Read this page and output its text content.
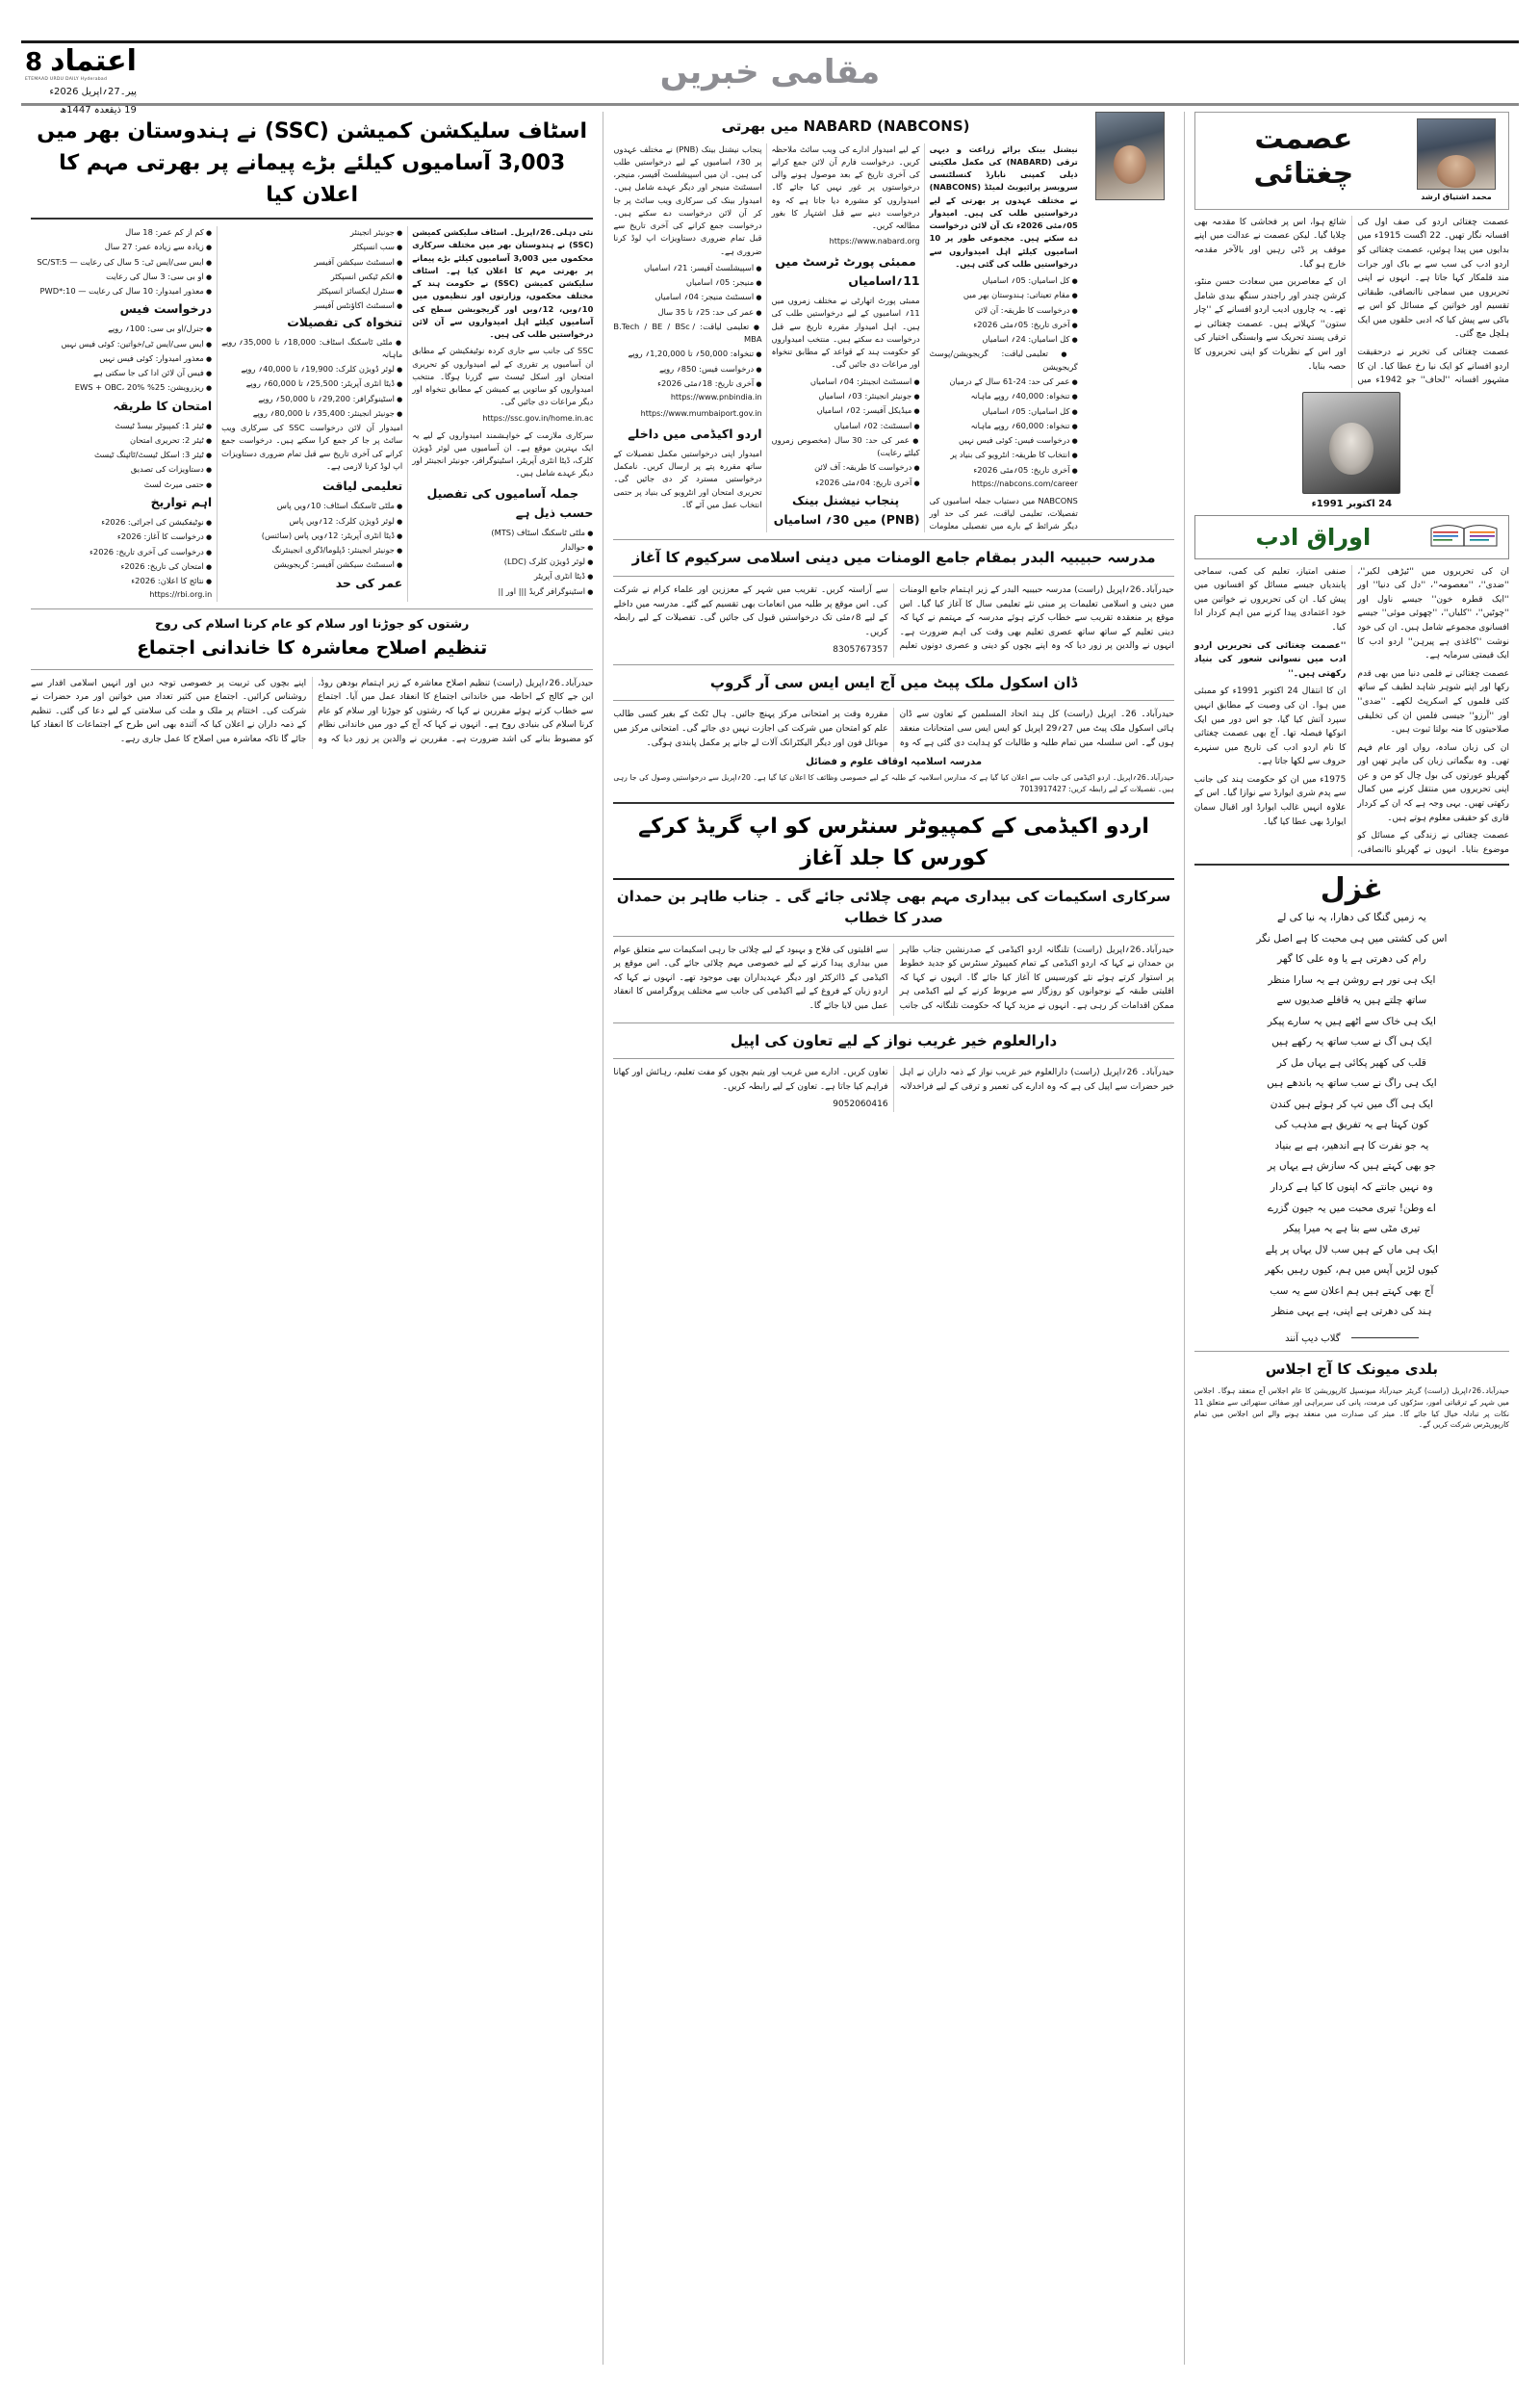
اعتماد
8
ETEMAAD URDU DAILY Hyderabad
پیر۔27؍اپریل 2026ء
19 ذیقعدہ 1447ھ
مقامی خبریں
اسٹاف سلیکشن کمیشن (SSC) نے ہندوستان بھر میں 3,003 آسامیوں کیلئے بڑے پیمانے پر بھرتی مہم کا اعلان کیا

نئی دہلی۔26؍اپریل۔ اسٹاف سلیکشن کمیشن (SSC) نے ہندوستان بھر میں مختلف سرکاری محکموں میں 3,003 آسامیوں کیلئے بڑے پیمانے پر بھرتی مہم کا اعلان کیا ہے۔ اسٹاف سلیکشن کمیشن (SSC) نے حکومت ہند کے مختلف محکموں، وزارتوں اور تنظیموں میں 10؍ویں، 12؍ویں اور گریجویشن سطح کی آسامیوں کیلئے اہل امیدواروں سے آن لائن درخواستیں طلب کی ہیں۔

SSC کی جانب سے جاری کردہ نوٹیفکیشن کے مطابق ان آسامیوں پر تقرری کے لیے امیدواروں کو تحریری امتحان اور اسکل ٹیسٹ سے گزرنا ہوگا۔ منتخب امیدواروں کو ساتویں پے کمیشن کے مطابق تنخواہ اور دیگر مراعات دی جائیں گی۔

https://ssc.gov.in/home.in.ac

سرکاری ملازمت کے خواہشمند امیدواروں کے لیے یہ ایک بہترین موقع ہے۔ ان آسامیوں میں لوئر ڈویژن کلرک، ڈیٹا انٹری آپریٹر، اسٹینوگرافر، جونیئر انجینئر اور دیگر عہدے شامل ہیں۔

جملہ آسامیوں کی تفصیل حسب ذیل ہے

● ملٹی ٹاسکنگ اسٹاف (MTS)
● حوالدار
● لوئر ڈویژن کلرک (LDC)
● ڈیٹا انٹری آپریٹر
● اسٹینوگرافر گریڈ ||| اور ||
● جونیئر انجینئر
● سب انسپکٹر
● اسسٹنٹ سیکشن آفیسر
● انکم ٹیکس انسپکٹر
● سنٹرل ایکسائز انسپکٹر
● اسسٹنٹ اکاؤنٹس آفیسر

تنخواہ کی تفصیلات

● ملٹی ٹاسکنگ اسٹاف: 18,000؍ تا 35,000؍ روپے ماہانہ
● لوئر ڈویژن کلرک: 19,900؍ تا 40,000؍ روپے
● ڈیٹا انٹری آپریٹر: 25,500؍ تا 60,000؍ روپے
● اسٹینوگرافر: 29,200؍ تا 50,000؍ روپے
● جونیئر انجینئر: 35,400؍ تا 80,000؍ روپے

امیدوار آن لائن درخواست SSC کی سرکاری ویب سائٹ پر جا کر جمع کرا سکتے ہیں۔ درخواست جمع کرانے کی آخری تاریخ سے قبل تمام ضروری دستاویزات اپ لوڈ کرنا لازمی ہے۔

تعلیمی لیاقت

● ملٹی ٹاسکنگ اسٹاف: 10؍ویں پاس
● لوئر ڈویژن کلرک: 12؍ویں پاس
● ڈیٹا انٹری آپریٹر: 12؍ویں پاس (سائنس)
● جونیئر انجینئر: ڈپلوما/ڈگری انجینئرنگ
● اسسٹنٹ سیکشن آفیسر: گریجویشن

عمر کی حد

● کم از کم عمر: 18 سال
● زیادہ سے زیادہ عمر: 27 سال
● ایس سی/ایس ٹی: 5 سال کی رعایت — SC/ST:5
● او بی سی: 3 سال کی رعایت
● معذور امیدوار: 10 سال کی رعایت — PWD*:10

درخواست فیس

● جنرل/او بی سی: 100؍ روپے
● ایس سی/ایس ٹی/خواتین: کوئی فیس نہیں
● معذور امیدوار: کوئی فیس نہیں
● فیس آن لائن ادا کی جا سکتی ہے
● ریزرویشن: 25% EWS + OBC، 20%

امتحان کا طریقہ

● ٹیئر 1: کمپیوٹر بیسڈ ٹیسٹ
● ٹیئر 2: تحریری امتحان
● ٹیئر 3: اسکل ٹیسٹ/ٹائپنگ ٹیسٹ
● دستاویزات کی تصدیق
● حتمی میرٹ لسٹ

اہم تواریخ

● نوٹیفکیشن کی اجرائی: 2026ء
● درخواست کا آغاز: 2026ء
● درخواست کی آخری تاریخ: 2026ء
● امتحان کی تاریخ: 2026ء
● نتائج کا اعلان: 2026ء

https://rbi.org.in

رشتوں کو جوڑنا اور سلام کو عام کرنا اسلام کی روح
تنظیم اصلاح معاشرہ کا خاندانی اجتماع

حیدرآباد۔26؍اپریل (راست) تنظیم اصلاح معاشرہ کے زیر اہتمام بودھن روڈ، این جے کالج کے احاطہ میں خاندانی اجتماع کا انعقاد عمل میں آیا۔ اجتماع سے خطاب کرتے ہوئے مقررین نے کہا کہ رشتوں کو جوڑنا اور سلام کو عام کرنا اسلام کی بنیادی روح ہے۔ انہوں نے کہا کہ آج کے دور میں خاندانی نظام کو مضبوط بنانے کی اشد ضرورت ہے۔ مقررین نے والدین پر زور دیا کہ وہ اپنے بچوں کی تربیت پر خصوصی توجہ دیں اور انہیں اسلامی اقدار سے روشناس کرائیں۔ اجتماع میں کثیر تعداد میں خواتین اور مرد حضرات نے شرکت کی۔ اختتام پر ملک و ملت کی سلامتی کے لیے دعا کی گئی۔ تنظیم کے ذمہ داران نے اعلان کیا کہ آئندہ بھی اس طرح کے اجتماعات کا انعقاد کیا جائے گا تاکہ معاشرہ میں اصلاح کا عمل جاری رہے۔

NABARD (NABCONS) میں بھرتی

نیشنل بینک برائے زراعت و دیہی ترقی (NABARD) کی مکمل ملکیتی ذیلی کمپنی نابارڈ کنسلٹنسی سرویسز پرائیویٹ لمیٹڈ (NABCONS) نے مختلف عہدوں پر بھرتی کے لیے درخواستیں طلب کی ہیں۔ امیدوار 05؍مئی 2026ء تک آن لائن درخواست دے سکتے ہیں۔ مجموعی طور پر 10 اسامیوں کیلئے اہل امیدواروں سے درخواستیں طلب کی گئی ہیں۔

● کل اسامیاں: 05؍ اسامیاں
● مقام تعیناتی: ہندوستان بھر میں
● درخواست کا طریقہ: آن لائن
● آخری تاریخ: 05؍مئی 2026ء
● کل اسامیاں: 24؍ اسامیاں
● تعلیمی لیاقت: گریجویشن/پوسٹ گریجویشن
● عمر کی حد: 24-61 سال کے درمیان
● تنخواہ: 40,000؍ روپے ماہانہ
● کل اسامیاں: 05؍ اسامیاں
● تنخواہ: 60,000؍ روپے ماہانہ
● درخواست فیس: کوئی فیس نہیں
● انتخاب کا طریقہ: انٹرویو کی بنیاد پر
● آخری تاریخ: 05؍مئی 2026ء

https://nabcons.com/career

NABCONS میں دستیاب جملہ اسامیوں کی تفصیلات، تعلیمی لیاقت، عمر کی حد اور دیگر شرائط کے بارے میں تفصیلی معلومات کے لیے امیدوار ادارے کی ویب سائٹ ملاحظہ کریں۔ درخواست فارم آن لائن جمع کرانے کی آخری تاریخ کے بعد موصول ہونے والی درخواستوں پر غور نہیں کیا جائے گا۔ امیدواروں کو مشورہ دیا جاتا ہے کہ وہ درخواست دینے سے قبل اشتہار کا بغور مطالعہ کریں۔

https://www.nabard.org

ممبئی پورٹ ٹرسٹ میں 11؍اسامیاں

ممبئی پورٹ اتھارٹی نے مختلف زمروں میں 11؍ اسامیوں کے لیے درخواستیں طلب کی ہیں۔ اہل امیدوار مقررہ تاریخ سے قبل درخواست دے سکتے ہیں۔ منتخب امیدواروں کو حکومت ہند کے قواعد کے مطابق تنخواہ اور مراعات دی جائیں گی۔

● اسسٹنٹ انجینئر: 04؍ اسامیاں
● جونیئر انجینئر: 03؍ اسامیاں
● میڈیکل آفیسر: 02؍ اسامیاں
● اسسٹنٹ: 02؍ اسامیاں
● عمر کی حد: 30 سال (مخصوص زمروں کیلئے رعایت)
● درخواست کا طریقہ: آف لائن
● آخری تاریخ: 04؍مئی 2026ء

پنجاب نیشنل بینک (PNB) میں 30؍ اسامیاں

پنجاب نیشنل بینک (PNB) نے مختلف عہدوں پر 30؍ اسامیوں کے لیے درخواستیں طلب کی ہیں۔ ان میں اسپیشلسٹ آفیسر، منیجر، اسسٹنٹ منیجر اور دیگر عہدے شامل ہیں۔ امیدوار بینک کی سرکاری ویب سائٹ پر جا کر آن لائن درخواست دے سکتے ہیں۔ درخواست جمع کرانے کی آخری تاریخ سے قبل تمام ضروری دستاویزات اپ لوڈ کرنا ضروری ہے۔

● اسپیشلسٹ آفیسر: 21؍ اسامیاں
● منیجر: 05؍ اسامیاں
● اسسٹنٹ منیجر: 04؍ اسامیاں
● عمر کی حد: 25؍ تا 35 سال
● تعلیمی لیاقت: B.Tech / BE / BSc / MBA
● تنخواہ: 50,000؍ تا 1,20,000؍ روپے
● درخواست فیس: 850؍ روپے
● آخری تاریخ: 18؍مئی 2026ء

https://www.pnbindia.in

https://www.mumbaiport.gov.in

اردو اکیڈمی میں داخلے

امیدوار اپنی درخواستیں مکمل تفصیلات کے ساتھ مقررہ پتے پر ارسال کریں۔ نامکمل درخواستیں مسترد کر دی جائیں گی۔ تحریری امتحان اور انٹرویو کی بنیاد پر حتمی انتخاب عمل میں آئے گا۔

مدرسہ حبیبیہ البدر بمقام جامع الومنات میں دینی اسلامی سرکیوم کا آغاز

حیدرآباد۔26؍اپریل (راست) مدرسہ حبیبیہ البدر کے زیر اہتمام جامع الومنات میں دینی و اسلامی تعلیمات پر مبنی نئے تعلیمی سال کا آغاز کیا گیا۔ اس موقع پر منعقدہ تقریب سے خطاب کرتے ہوئے مدرسہ کے مہتمم نے کہا کہ دینی تعلیم کے ساتھ ساتھ عصری تعلیم بھی وقت کی اہم ضرورت ہے۔ انہوں نے والدین پر زور دیا کہ وہ اپنے بچوں کو دینی و عصری دونوں تعلیم سے آراستہ کریں۔ تقریب میں شہر کے معززین اور علماء کرام نے شرکت کی۔ اس موقع پر طلبہ میں انعامات بھی تقسیم کیے گئے۔ مدرسہ میں داخلے کے لیے 8؍مئی تک درخواستیں قبول کی جائیں گی۔ تفصیلات کے لیے رابطہ کریں۔

8305767357

ڈان اسکول ملک پیٹ میں آج ایس ایس سی آر گروپ

حیدرآباد۔ 26۔ اپریل (راست) کل ہند اتحاد المسلمین کے تعاون سے ڈان ہائی اسکول ملک پیٹ میں 27؍29 اپریل کو ایس ایس سی امتحانات منعقد ہوں گے۔ اس سلسلہ میں تمام طلبہ و طالبات کو ہدایت دی گئی ہے کہ وہ مقررہ وقت پر امتحانی مرکز پہنچ جائیں۔ ہال ٹکٹ کے بغیر کسی طالب علم کو امتحان میں شرکت کی اجازت نہیں دی جائے گی۔ امتحانی مرکز میں موبائل فون اور دیگر الیکٹرانک آلات لے جانے پر مکمل پابندی ہوگی۔

مدرسہ اسلامیہ اوقاف علوم و فضائل
حیدرآباد۔26؍اپریل۔ اردو اکیڈمی کی جانب سے اعلان کیا گیا ہے کہ مدارس اسلامیہ کے طلبہ کے لیے خصوصی وظائف کا اعلان کیا گیا ہے۔ 20؍اپریل سے درخواستیں وصول کی جا رہی ہیں۔ تفصیلات کے لیے رابطہ کریں: 7013917427
اردو اکیڈمی کے کمپیوٹر سنٹرس کو اپ گریڈ کرکے کورس کا جلد آغاز
سرکاری اسکیمات کی بیداری مہم بھی چلائی جائے گی ۔ جناب طاہر بن حمدان صدر کا خطاب

حیدرآباد۔26؍اپریل (راست) تلنگانہ اردو اکیڈمی کے صدرنشین جناب طاہر بن حمدان نے کہا کہ اردو اکیڈمی کے تمام کمپیوٹر سنٹرس کو جدید خطوط پر استوار کرتے ہوئے نئے کورسیس کا آغاز کیا جائے گا۔ انہوں نے کہا کہ اقلیتی طبقہ کے نوجوانوں کو روزگار سے مربوط کرنے کے لیے اکیڈمی ہر ممکن اقدامات کر رہی ہے۔ انہوں نے مزید کہا کہ حکومت تلنگانہ کی جانب سے اقلیتوں کی فلاح و بہبود کے لیے چلائی جا رہی اسکیمات سے متعلق عوام میں بیداری پیدا کرنے کے لیے خصوصی مہم چلائی جائے گی۔ اس موقع پر اکیڈمی کے ڈائرکٹر اور دیگر عہدیداران بھی موجود تھے۔ انہوں نے کہا کہ اردو زبان کے فروغ کے لیے اکیڈمی کی جانب سے مختلف پروگرامس کا انعقاد عمل میں لایا جائے گا۔

دارالعلوم خیر غریب نواز کے لیے تعاون کی اپیل

حیدرآباد۔ 26؍اپریل (راست) دارالعلوم خیر غریب نواز کے ذمہ داران نے اہل خیر حضرات سے اپیل کی ہے کہ وہ ادارے کی تعمیر و ترقی کے لیے فراخدلانہ تعاون کریں۔ ادارے میں غریب اور یتیم بچوں کو مفت تعلیم، رہائش اور کھانا فراہم کیا جاتا ہے۔ تعاون کے لیے رابطہ کریں۔

9052060416

عصمت چغتائی
محمد اشتیاق ارشد

عصمت چغتائی اردو کی صف اول کی افسانہ نگار تھیں۔ 22 اگست 1915ء میں بدایوں میں پیدا ہوئیں، عصمت چغتائی کو اردو ادب کی سب سے بے باک اور جرات مند قلمکار کہا جاتا ہے۔ انہوں نے اپنی تحریروں میں سماجی ناانصافی، طبقاتی تقسیم اور خواتین کے مسائل کو اس بے باکی سے پیش کیا کہ ادبی حلقوں میں ایک ہلچل مچ گئی۔

عصمت چغتائی کی تخریر نے درحقیقت اردو افسانے کو ایک نیا رخ عطا کیا۔ ان کا مشہور افسانہ ''لحاف'' جو 1942ء میں شائع ہوا، اس پر فحاشی کا مقدمہ بھی چلایا گیا۔ لیکن عصمت نے عدالت میں اپنے موقف پر ڈٹی رہیں اور بالآخر مقدمہ خارج ہو گیا۔

ان کے معاصرین میں سعادت حسن منٹو، کرشن چندر اور راجندر سنگھ بیدی شامل تھے۔ یہ چاروں ادیب اردو افسانے کے ''چار ستون'' کہلاتے ہیں۔ عصمت چغتائی نے ترقی پسند تحریک سے وابستگی اختیار کی اور اس کے نظریات کو اپنی تحریروں کا حصہ بنایا۔

24 اکتوبر 1991ء
اوراق ادب

ان کی تحریروں میں ''ٹیڑھی لکیر''، ''ضدی''، ''معصومہ''، ''دل کی دنیا'' اور ''ایک قطرہ خون'' جیسے ناول اور ''چوٹیں''، ''کلیاں''، ''چھوئی موئی'' جیسے افسانوی مجموعے شامل ہیں۔ ان کی خود نوشت ''کاغذی ہے پیرہن'' اردو ادب کا ایک قیمتی سرمایہ ہے۔

عصمت چغتائی نے فلمی دنیا میں بھی قدم رکھا اور اپنے شوہر شاہد لطیف کے ساتھ کئی فلموں کے اسکرپٹ لکھے۔ ''ضدی'' اور ''آرزو'' جیسی فلمیں ان کی تخلیقی صلاحیتوں کا منہ بولتا ثبوت ہیں۔

ان کی زبان سادہ، رواں اور عام فہم تھی۔ وہ بیگماتی زبان کی ماہر تھیں اور گھریلو عورتوں کی بول چال کو من و عن اپنی تحریروں میں منتقل کرنے میں کمال رکھتی تھیں۔ یہی وجہ ہے کہ ان کے کردار قاری کو حقیقی معلوم ہوتے ہیں۔

عصمت چغتائی نے زندگی کے مسائل کو موضوع بنایا۔ انہوں نے گھریلو ناانصافی، صنفی امتیاز، تعلیم کی کمی، سماجی پابندیاں جیسے مسائل کو افسانوں میں پیش کیا۔ ان کی تحریروں نے خواتین میں خود اعتمادی پیدا کرنے میں اہم کردار ادا کیا۔

''عصمت چغتائی کی تحریریں اردو ادب میں نسوانی شعور کی بنیاد رکھتی ہیں۔''

ان کا انتقال 24 اکتوبر 1991ء کو ممبئی میں ہوا۔ ان کی وصیت کے مطابق انہیں سپرد آتش کیا گیا، جو اس دور میں ایک انوکھا فیصلہ تھا۔ آج بھی عصمت چغتائی کا نام اردو ادب کی تاریخ میں سنہرے حروف سے لکھا جاتا ہے۔

1975ء میں ان کو حکومت ہند کی جانب سے پدم شری ایوارڈ سے نوازا گیا۔ اس کے علاوہ انہیں غالب ایوارڈ اور اقبال سمان ایوارڈ بھی عطا کیا گیا۔

غزل
یہ زمیں گنگا کی دھارا، یہ نیا کی لے
اس کی کشتی میں ہی محبت کا ہے اصل نگر
رام کی دھرتی ہے یا وہ علی کا گھر
ایک ہی نور ہے روشن ہے یہ سارا منظر
ساتھ چلتے ہیں یہ قافلے صدیوں سے
ایک ہی خاک سے اٹھے ہیں یہ سارے پیکر
ایک ہی آگ نے سب ساتھ یہ رکھے ہیں
قلب کی کھیر پکائی ہے یہاں مل کر
ایک ہی راگ نے سب ساتھ یہ باندھے ہیں
ایک ہی آگ میں تپ کر ہوئے ہیں کندن
کون کہتا ہے یہ تفریق ہے مذہب کی
یہ جو نفرت کا ہے اندھیر، ہے بے بنیاد
جو بھی کہتے ہیں کہ سازش ہے یہاں پر
وہ نہیں جانتے کہ اپنوں کا کیا ہے کردار
اے وطن! تیری محبت میں یہ جیون گزرے
تیری مٹی سے بنا ہے یہ میرا پیکر
ایک ہی ماں کے ہیں سب لال یہاں پر پلے
کیوں لڑیں آپس میں ہم، کیوں رہیں بکھر
آج بھی کہتے ہیں ہم اعلان سے یہ سب
ہند کی دھرتی ہے اپنی، ہے یہی منظر
گلاب دیپ آنند
بلدی میونک کا آج اجلاس
حیدرآباد۔26؍اپریل (راست) گریٹر حیدرآباد میونسپل کارپوریشن کا عام اجلاس آج منعقد ہوگا۔ اجلاس میں شہر کے ترقیاتی امور، سڑکوں کی مرمت، پانی کی سربراہی اور صفائی ستھرائی سے متعلق 11 نکات پر تبادلہ خیال کیا جائے گا۔ میئر کی صدارت میں منعقد ہونے والے اس اجلاس میں تمام کارپوریٹرس شرکت کریں گے۔
